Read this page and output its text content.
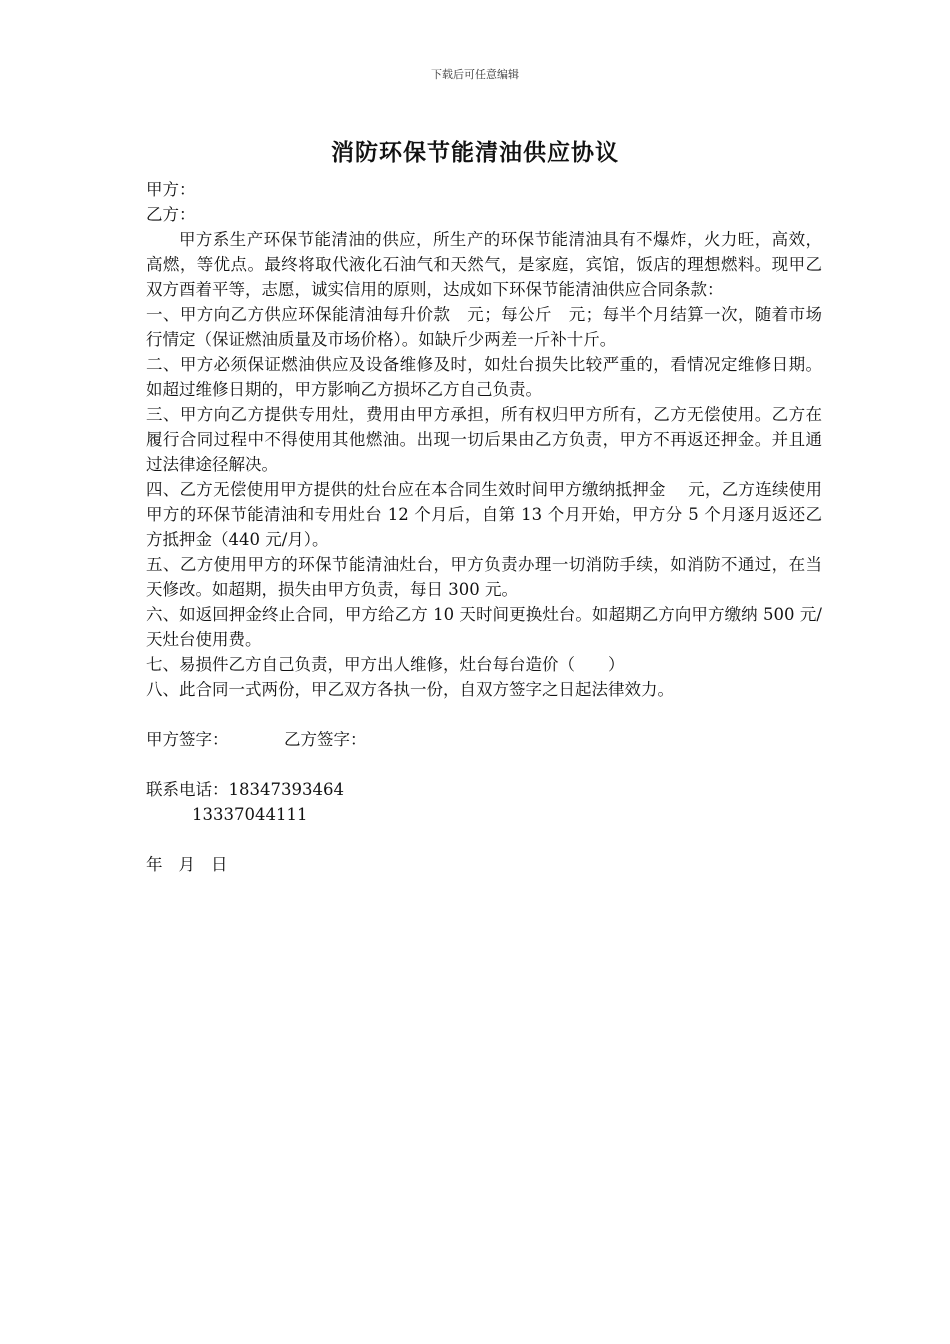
下载后可任意编辑
消防环保节能清油供应协议

甲方：

乙方：

甲方系生产环保节能清油的供应，所生产的环保节能清油具有不爆炸，火力旺，高效，高燃，等优点。最终将取代液化石油气和天然气，是家庭，宾馆，饭店的理想燃料。现甲乙双方酉着平等，志愿，诚实信用的原则，达成如下环保节能清油供应合同条款：

一、甲方向乙方供应环保能清油每升价款　元；每公斤　元；每半个月结算一次，随着市场行情定（保证燃油质量及市场价格）。如缺斤少两差一斤补十斤。

二、甲方必须保证燃油供应及设备维修及时，如灶台损失比较严重的，看情况定维修日期。如超过维修日期的，甲方影响乙方损坏乙方自己负责。

三、甲方向乙方提供专用灶，费用由甲方承担，所有权归甲方所有，乙方无偿使用。乙方在履行合同过程中不得使用其他燃油。出现一切后果由乙方负责，甲方不再返还押金。并且通过法律途径解决。

四、乙方无偿使用甲方提供的灶台应在本合同生效时间甲方缴纳抵押金　 元，乙方连续使用甲方的环保节能清油和专用灶台 12 个月后，自第 13 个月开始，甲方分 5 个月逐月返还乙方抵押金（440 元/月）。

五、乙方使用甲方的环保节能清油灶台，甲方负责办理一切消防手续，如消防不通过，在当天修改。如超期，损失由甲方负责，每日 300 元。

六、如返回押金终止合同，甲方给乙方 10 天时间更换灶台。如超期乙方向甲方缴纳 500 元/天灶台使用费。

七、易损件乙方自己负责，甲方出人维修，灶台每台造价（　　）

八、此合同一式两份，甲乙双方各执一份，自双方签字之日起法律效力。

甲方签字：	乙方签字：

联系电话：18347393464

13337044111

年 月 日
